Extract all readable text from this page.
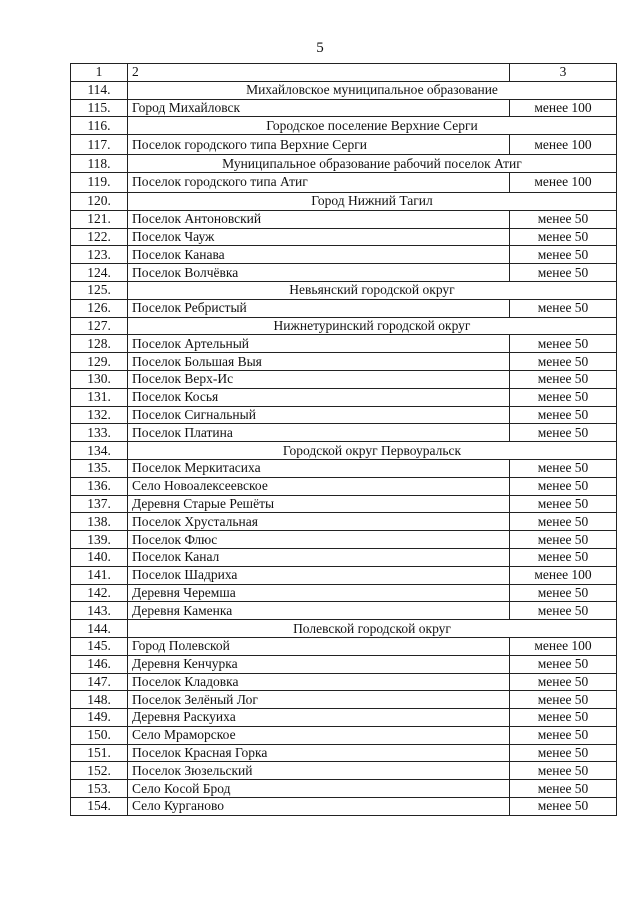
5
1	2	3
114.	Михайловское муниципальное образование	
115.	Город Михайловск	менее 100
116.	Городское поселение Верхние Серги	
117.	Поселок городского типа Верхние Серги	менее 100
118.	Муниципальное образование рабочий поселок Атиг	
119.	Поселок городского типа Атиг	менее 100
120.	Город Нижний Тагил	
121.	Поселок Антоновский	менее 50
122.	Поселок Чауж	менее 50
123.	Поселок Канава	менее 50
124.	Поселок Волчёвка	менее 50
125.	Невьянский городской округ	
126.	Поселок Ребристый	менее 50
127.	Нижнетуринский городской округ	
128.	Поселок Артельный	менее 50
129.	Поселок Большая Выя	менее 50
130.	Поселок Верх-Ис	менее 50
131.	Поселок Косья	менее 50
132.	Поселок Сигнальный	менее 50
133.	Поселок Платина	менее 50
134.	Городской округ Первоуральск	
135.	Поселок Меркитасиха	менее 50
136.	Село Новоалексеевское	менее 50
137.	Деревня Старые Решёты	менее 50
138.	Поселок Хрустальная	менее 50
139.	Поселок Флюс	менее 50
140.	Поселок Канал	менее 50
141.	Поселок Шадриха	менее 100
142.	Деревня Черемша	менее 50
143.	Деревня Каменка	менее 50
144.	Полевской городской округ	
145.	Город Полевской	менее 100
146.	Деревня Кенчурка	менее 50
147.	Поселок Кладовка	менее 50
148.	Поселок Зелёный Лог	менее 50
149.	Деревня Раскуиха	менее 50
150.	Село Мраморское	менее 50
151.	Поселок Красная Горка	менее 50
152.	Поселок Зюзельский	менее 50
153.	Село Косой Брод	менее 50
154.	Село Курганово	менее 50
